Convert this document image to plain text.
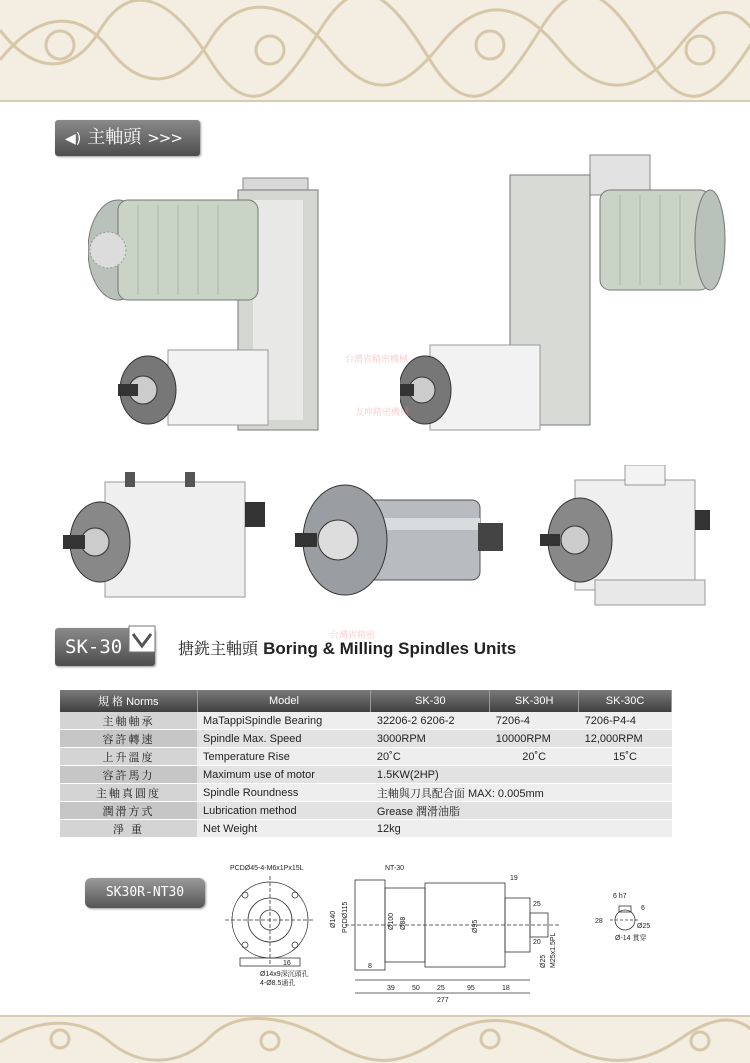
◀) 主軸頭 >>>
台灣省精密機械
友坤精密機械
台灣省精密
SK-30	搪銑主軸頭 Boring & Milling Spindles Units
規 格 Norms	Model	SK-30	SK-30H	SK-30C
主軸軸承	MaTappiSpindle Bearing	32206-2 6206-2	7206-4	7206-P4-4
容許轉速	Spindle Max. Speed	3000RPM	10000RPM	12,000RPM
上升溫度	Temperature Rise	20˚C	20˚C	15˚C
容許馬力	Maximum use of motor	1.5KW(2HP)		
主軸真圓度	Spindle Roundness	主軸與刀具配合面 MAX: 0.005mm		
潤滑方式	Lubrication method	Grease 潤滑油脂		
淨 重	Net Weight	12kg		
SK30R-NT30
PCDØ45-4-M6x1Px15L
Ø14x9深沉頭孔
4-Ø8.5通孔
16
NT-30
Ø140 PCDØ115	Ø100 Ø88	Ø95
Ø25 M25x1.5PL
19
25
20
8
39 50 25	95	18
277
6 h7
6
28
Ø25
Ø-14 貫穿
